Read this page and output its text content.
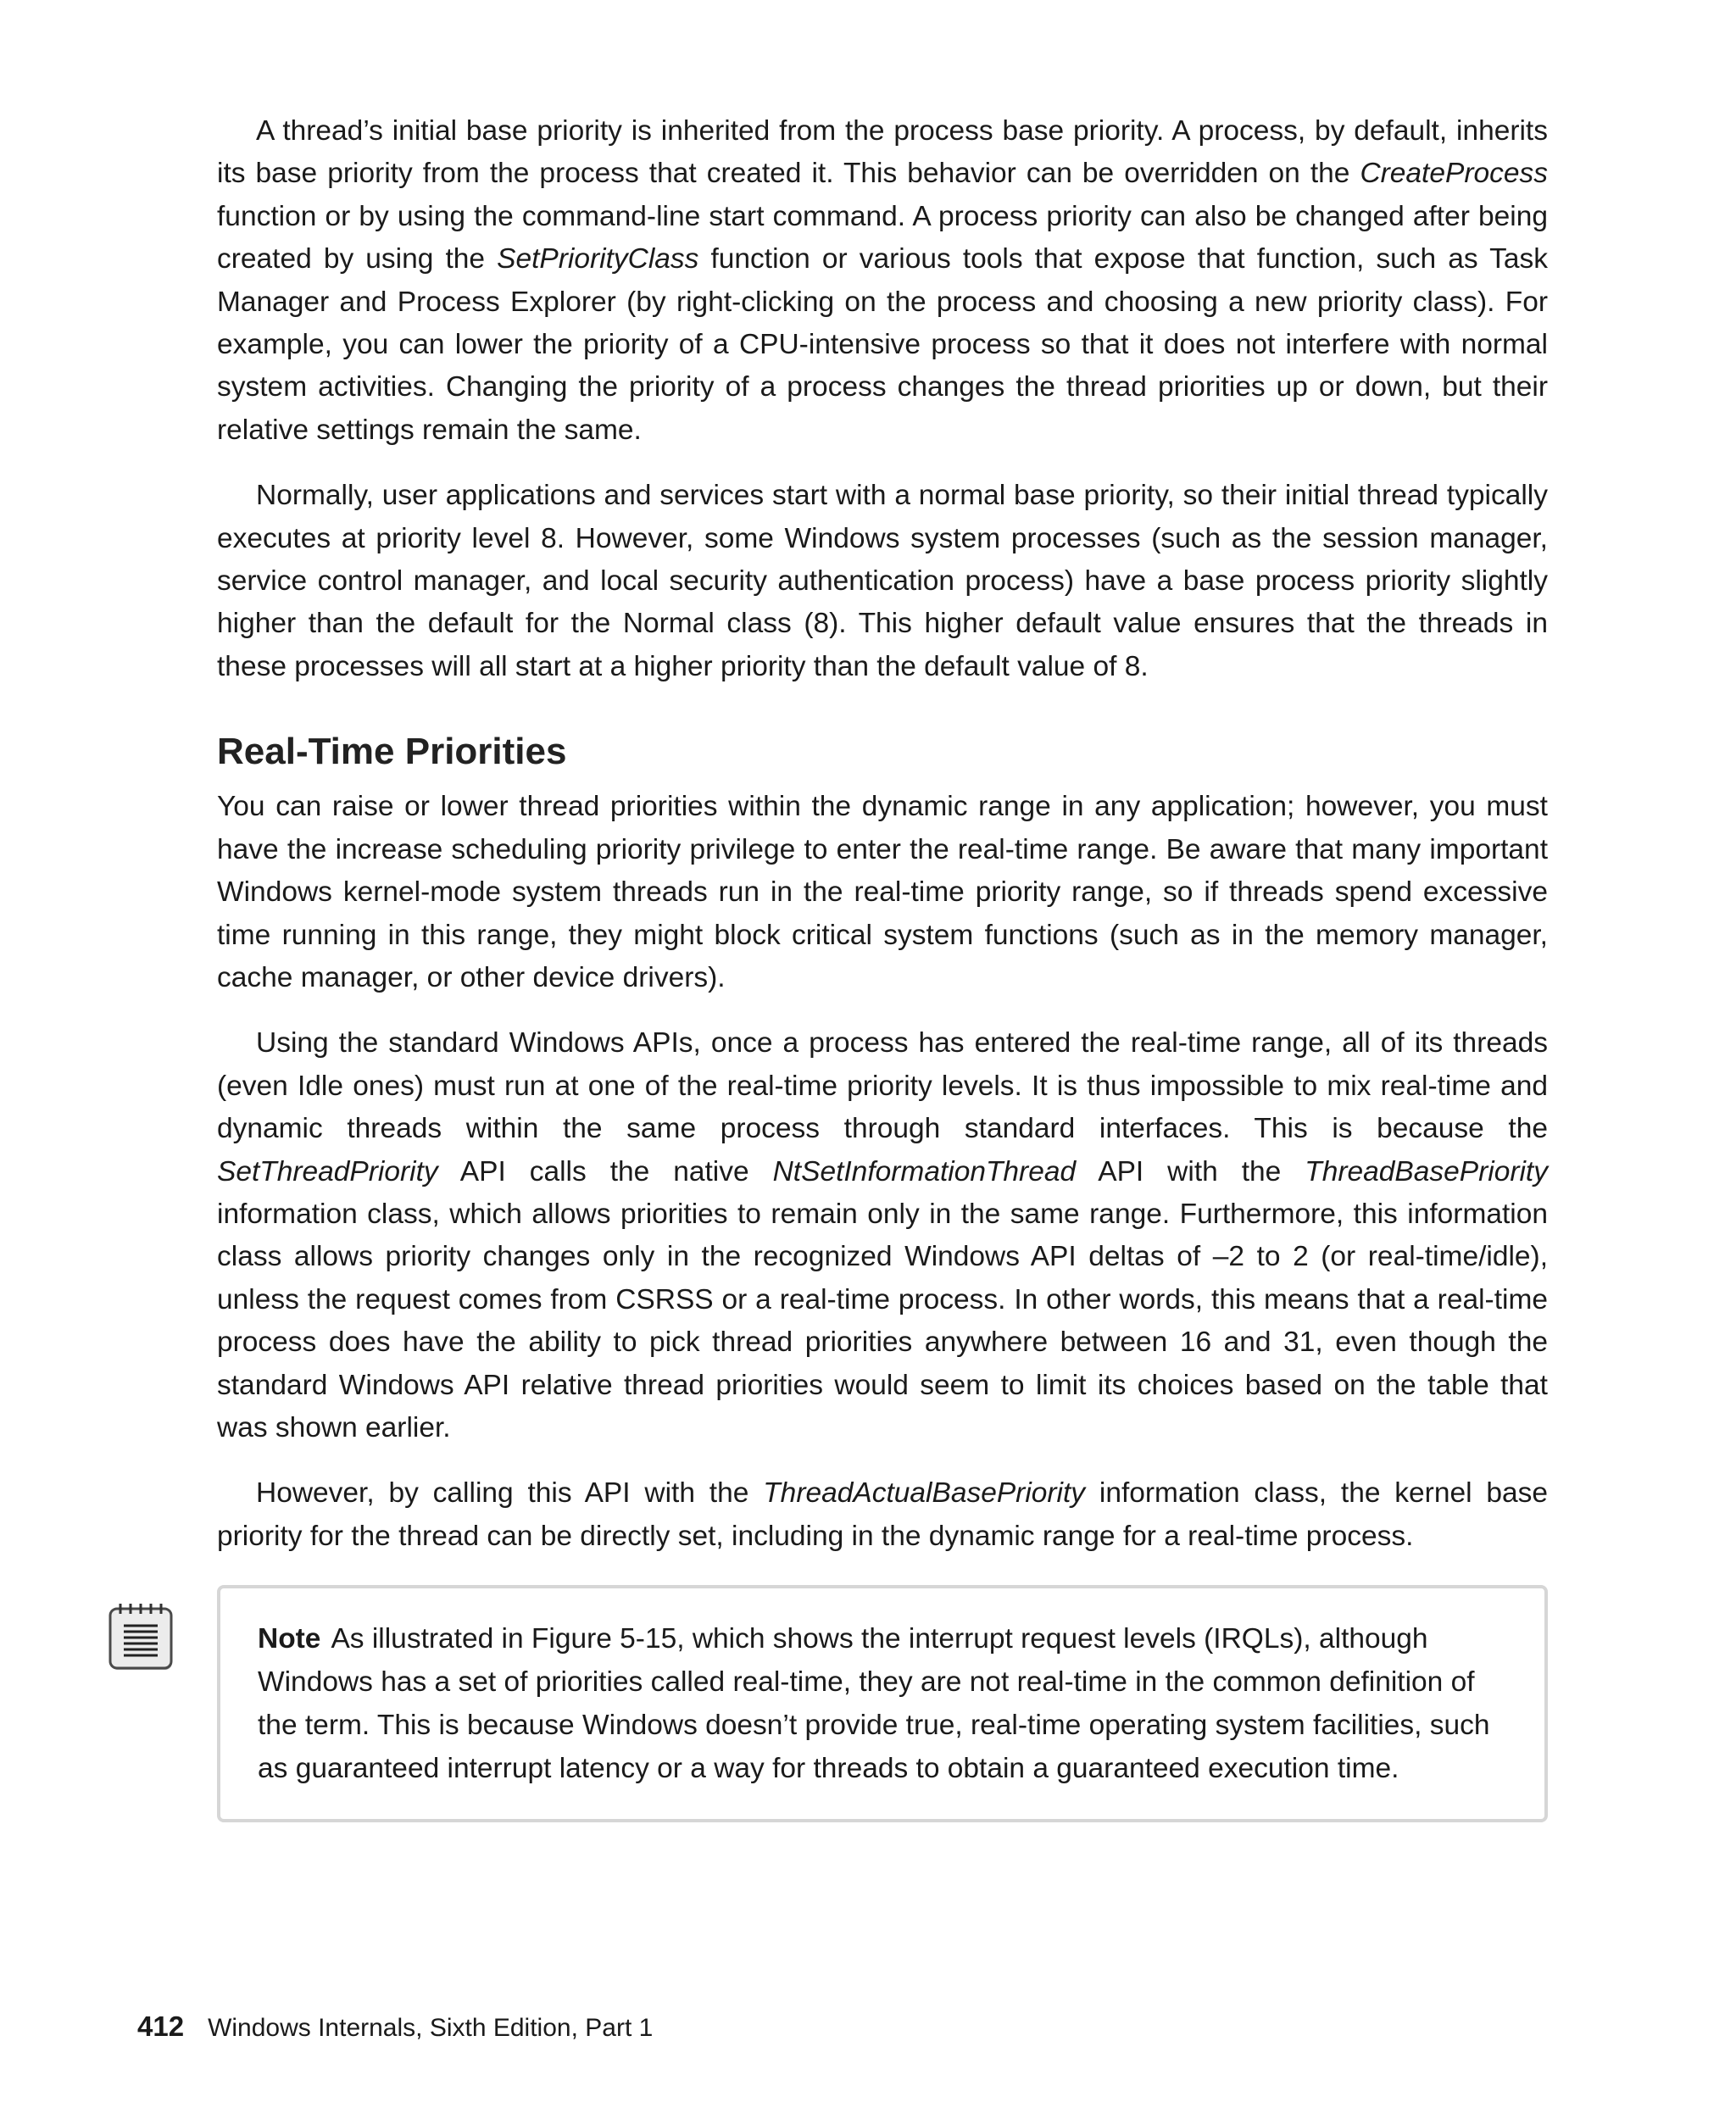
A thread’s initial base priority is inherited from the process base priority. A process, by default, inherits its base priority from the process that created it. This behavior can be overridden on the CreateProcess function or by using the command-line start command. A process priority can also be changed after being created by using the SetPriorityClass function or various tools that expose that function, such as Task Manager and Process Explorer (by right-clicking on the process and choosing a new priority class). For example, you can lower the priority of a CPU-intensive process so that it does not interfere with normal system activities. Changing the priority of a process changes the thread priorities up or down, but their relative settings remain the same.

Normally, user applications and services start with a normal base priority, so their initial thread typically executes at priority level 8. However, some Windows system processes (such as the session manager, service control manager, and local security authentication process) have a base process priority slightly higher than the default for the Normal class (8). This higher default value ensures that the threads in these processes will all start at a higher priority than the default value of 8.

Real-Time Priorities

You can raise or lower thread priorities within the dynamic range in any application; however, you must have the increase scheduling priority privilege to enter the real-time range. Be aware that many important Windows kernel-mode system threads run in the real-time priority range, so if threads spend excessive time running in this range, they might block critical system functions (such as in the memory manager, cache manager, or other device drivers).

Using the standard Windows APIs, once a process has entered the real-time range, all of its threads (even Idle ones) must run at one of the real-time priority levels. It is thus impossible to mix real-time and dynamic threads within the same process through standard interfaces. This is because the SetThreadPriority API calls the native NtSetInformationThread API with the ThreadBasePriority information class, which allows priorities to remain only in the same range. Furthermore, this information class allows priority changes only in the recognized Windows API deltas of –2 to 2 (or real-time/idle), unless the request comes from CSRSS or a real-time process. In other words, this means that a real-time process does have the ability to pick thread priorities anywhere between 16 and 31, even though the standard Windows API relative thread priorities would seem to limit its choices based on the table that was shown earlier.

However, by calling this API with the ThreadActualBasePriority information class, the kernel base priority for the thread can be directly set, including in the dynamic range for a real-time process.

Note As illustrated in Figure 5-15, which shows the interrupt request levels (IRQLs), although Windows has a set of priorities called real-time, they are not real-time in the common definition of the term. This is because Windows doesn’t provide true, real-time operating system facilities, such as guaranteed interrupt latency or a way for threads to obtain a guaranteed execution time.
412 Windows Internals, Sixth Edition, Part 1
